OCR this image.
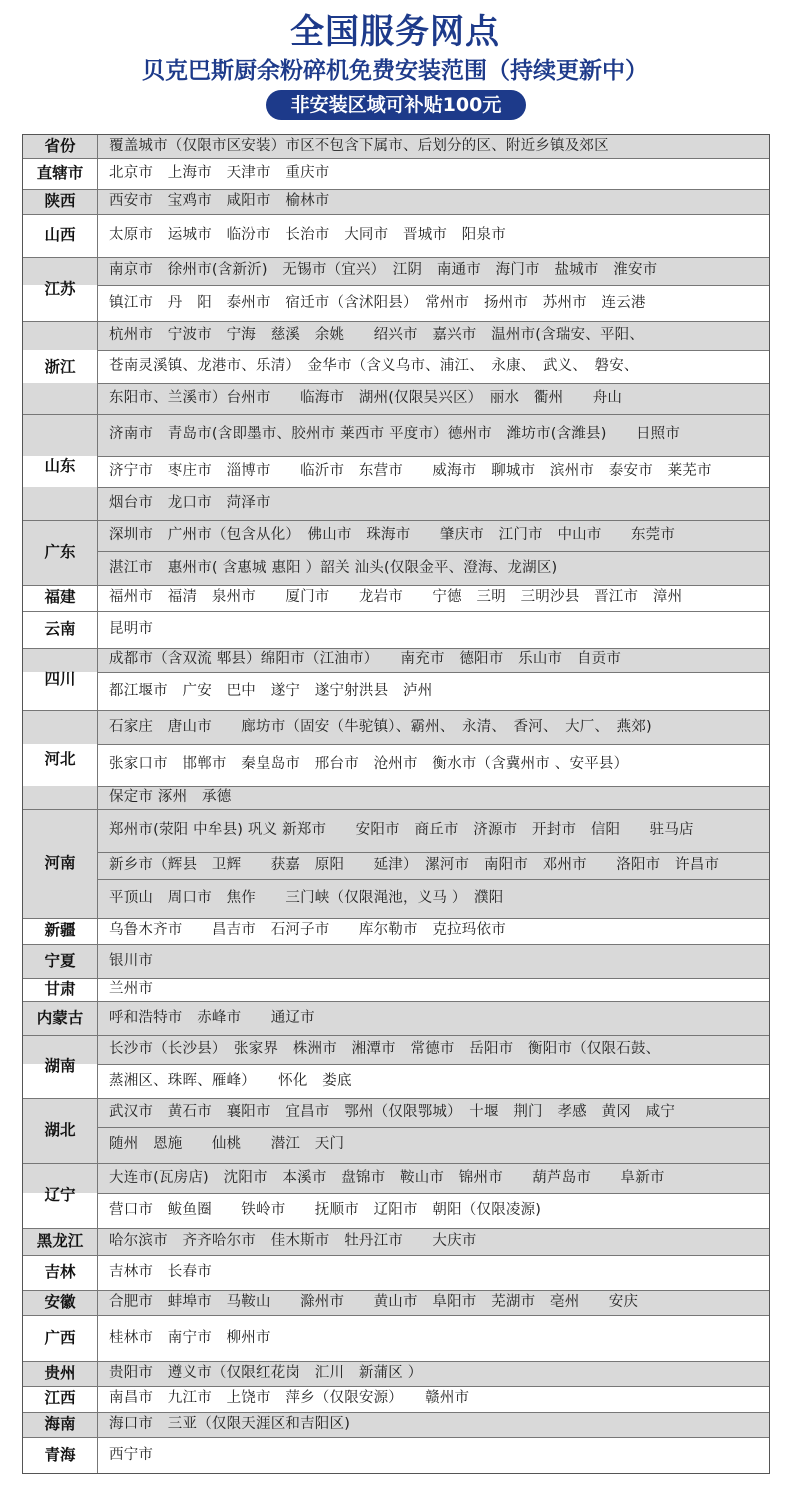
全国服务网点
贝克巴斯厨余粉碎机免费安装范围（持续更新中）
非安装区域可补贴100元
覆盖城市（仅限市区安装）市区不包含下属市、后划分的区、附近乡镇及郊区
省份
北京市　上海市　天津市　重庆市
直辖市
西安市　宝鸡市　咸阳市　榆林市
陕西
太原市　运城市　临汾市　长治市　大同市　晋城市　阳泉市
山西
南京市　徐州市(含新沂)　无锡市（宜兴）　江阴　南通市　海门市　盐城市　淮安市
镇江市　丹　阳　泰州市　宿迁市（含沭阳县）　常州市　扬州市　苏州市　连云港
江苏
杭州市　宁波市　宁海　慈溪　余姚　　绍兴市　嘉兴市　温州市(含瑞安、平阳、
苍南灵溪镇、龙港市、乐清）　金华市（含义乌市、浦江、　永康、　武义、　磐安、
东阳市、兰溪市）台州市　　临海市　湖州(仅限吴兴区）　丽水　衢州　　舟山
浙江
济南市　青岛市(含即墨市、胶州市 莱西市 平度市）德州市　潍坊市(含潍县)　　日照市
济宁市　枣庄市　淄博市　　临沂市　东营市　　威海市　聊城市　滨州市　泰安市　莱芜市
烟台市　龙口市　菏泽市
山东
深圳市　广州市（包含从化）　佛山市　珠海市　　肇庆市　江门市　中山市　　东莞市
湛江市　惠州市( 含惠城 惠阳 ）韶关 汕头(仅限金平、澄海、龙湖区)
广东
福州市　福清　泉州市　　厦门市　　龙岩市　　宁德　三明　三明沙县　晋江市　漳州
福建
昆明市
云南
成都市（含双流 郫县）绵阳市（江油市）　　南充市　德阳市　乐山市　自贡市
都江堰市　广安　巴中　遂宁　遂宁射洪县　泸州
四川
石家庄　唐山市　　廊坊市（固安（牛驼镇）、霸州、　永清、　香河、　大厂、　燕郊)
张家口市　邯郸市　秦皇岛市　邢台市　沧州市　衡水市（含冀州市 、安平县）
保定市 涿州　承德
河北
郑州市(荥阳 中牟县) 巩义 新郑市　　安阳市　商丘市　济源市　开封市　信阳　　驻马店
新乡市（辉县　卫辉　　获嘉　原阳　　延津）　漯河市　南阳市　邓州市　　洛阳市　许昌市
平顶山　周口市　焦作　　三门峡（仅限渑池，义马 ）　濮阳
河南
乌鲁木齐市　　昌吉市　石河子市　　库尔勒市　克拉玛依市
新疆
银川市
宁夏
兰州市
甘肃
呼和浩特市　赤峰市　　通辽市
内蒙古
长沙市（长沙县）　张家界　株洲市　湘潭市　常德市　岳阳市　衡阳市（仅限石鼓、
蒸湘区、珠晖、雁峰）　　怀化　娄底
湖南
武汉市　黄石市　襄阳市　宜昌市　鄂州（仅限鄂城）　十堰　荆门　孝感　黄冈　咸宁
随州　恩施　　仙桃　　潜江　天门
湖北
大连市(瓦房店)　沈阳市　本溪市　盘锦市　鞍山市　锦州市　　葫芦岛市　　阜新市
营口市　鲅鱼圈　　铁岭市　　抚顺市　辽阳市　朝阳（仅限凌源)
辽宁
哈尔滨市　齐齐哈尔市　佳木斯市　牡丹江市　　大庆市
黑龙江
吉林市　长春市
吉林
合肥市　蚌埠市　马鞍山　　滁州市　　黄山市　阜阳市　芜湖市　亳州　　安庆
安徽
桂林市　南宁市　柳州市
广西
贵阳市　遵义市（仅限红花岗　汇川　新蒲区 ）
贵州
南昌市　九江市　上饶市　萍乡（仅限安源）　　赣州市
江西
海口市　三亚（仅限天涯区和吉阳区)
海南
西宁市
青海
